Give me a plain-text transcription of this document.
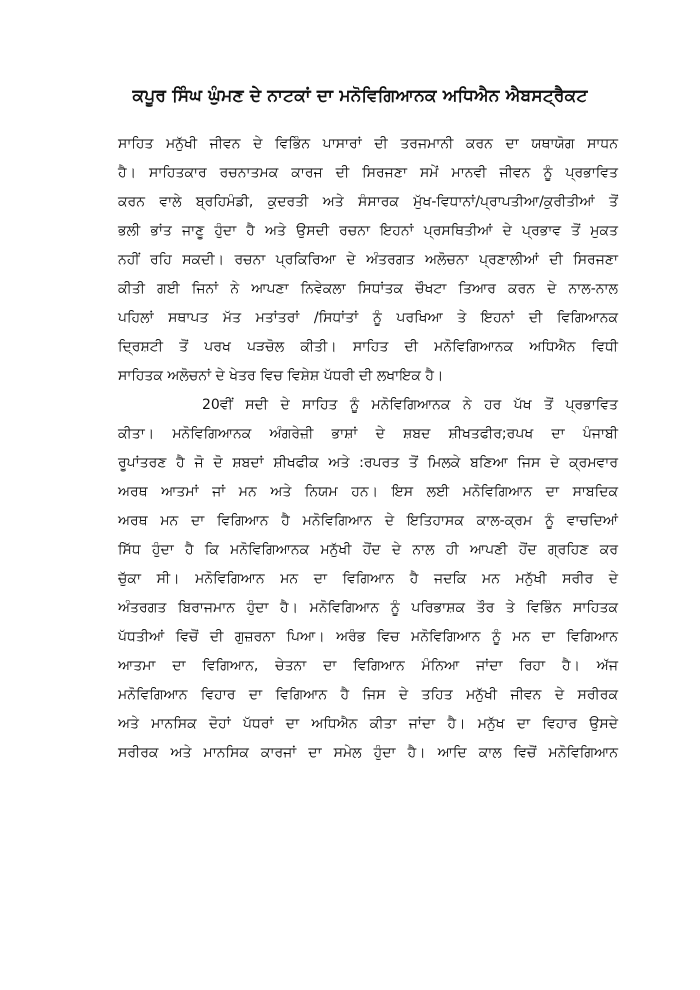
ਕਪੂਰ ਸਿੰਘ ਘੁੰਮਣ ਦੇ ਨਾਟਕਾਂ ਦਾ ਮਨੋਵਿਗਿਆਨਕ ਅਧਿਐਨ ਐਬਸਟ੍ਰੈਕਟ
ਸਾਹਿਤ ਮਨੁੱਖੀ ਜੀਵਨ ਦੇ ਵਿਭਿੰਨ ਪਾਸਾਰਾਂ ਦੀ ਤਰਜਮਾਨੀ ਕਰਨ ਦਾ ਯਥਾਯੋਗ ਸਾਧਨ
ਹੈ। ਸਾਹਿਤਕਾਰ ਰਚਨਾਤਮਕ ਕਾਰਜ ਦੀ ਸਿਰਜਣਾ ਸਮੇਂ ਮਾਨਵੀ ਜੀਵਨ ਨੂੰ ਪ੍ਰਭਾਵਿਤ
ਕਰਨ ਵਾਲੇ ਬ੍ਰਹਿਮੰਡੀ, ਕੁਦਰਤੀ ਅਤੇ ਸੰਸਾਰਕ ਮੁੱਖ-ਵਿਧਾਨਾਂ/ਪ੍ਰਾਪਤੀਆ/ਕੁਰੀਤੀਆਂ ਤੋਂ
ਭਲੀ ਭਾਂਤ ਜਾਣੂ ਹੁੰਦਾ ਹੈ ਅਤੇ ਉਸਦੀ ਰਚਨਾ ਇਹਨਾਂ ਪ੍ਰਸਥਿਤੀਆਂ ਦੇ ਪ੍ਰਭਾਵ ਤੋਂ ਮੁਕਤ
ਨਹੀਂ ਰਹਿ ਸਕਦੀ। ਰਚਨਾ ਪ੍ਰਕਿਰਿਆ ਦੇ ਅੰਤਰਗਤ ਅਲੋਚਨਾ ਪ੍ਰਣਾਲੀਆਂ ਦੀ ਸਿਰਜਣਾ
ਕੀਤੀ ਗਈ ਜਿਨਾਂ ਨੇ ਆਪਣਾ ਨਿਵੇਕਲਾ ਸਿਧਾਂਤਕ ਚੌਖਟਾ ਤਿਆਰ ਕਰਨ ਦੇ ਨਾਲ-ਨਾਲ
ਪਹਿਲਾਂ ਸਥਾਪਤ ਮੱਤ ਮਤਾਂਤਰਾਂ /ਸਿਧਾਂਤਾਂ ਨੂੰ ਪਰਖਿਆ ਤੇ ਇਹਨਾਂ ਦੀ ਵਿਗਿਆਨਕ
ਦ੍ਰਿਸ਼ਟੀ ਤੋਂ ਪਰਖ ਪੜਚੋਲ ਕੀਤੀ। ਸਾਹਿਤ ਦੀ ਮਨੋਵਿਗਿਆਨਕ ਅਧਿਐਨ ਵਿਧੀ
ਸਾਹਿਤਕ ਅਲੋਚਨਾਂ ਦੇ ਖੇਤਰ ਵਿਚ ਵਿਸ਼ੇਸ਼ ਪੱਧਰੀ ਦੀ ਲਖਾਇਕ ਹੈ।
20ਵੀਂ ਸਦੀ ਦੇ ਸਾਹਿਤ ਨੂੰ ਮਨੋਵਿਗਿਆਨਕ ਨੇ ਹਰ ਪੱਖ ਤੋਂ ਪ੍ਰਭਾਵਿਤ
ਕੀਤਾ। ਮਨੋਵਿਗਿਆਨਕ ਅੰਗਰੇਜ਼ੀ ਭਾਸ਼ਾਂ ਦੇ ਸ਼ਬਦ ਸ਼ੀਖਤਫੀਰ;ਰਪਖ ਦਾ ਪੰਜਾਬੀ
ਰੂਪਾਂਤਰਣ ਹੈ ਜੋ ਦੋ ਸ਼ਬਦਾਂ ਸ਼ੀਖਫੀਕ ਅਤੇ :ਰਪਰਤ ਤੋਂ ਮਿਲਕੇ ਬਣਿਆ ਜਿਸ ਦੇ ਕ੍ਰਮਵਾਰ
ਅਰਥ ਆਤਮਾਂ ਜਾਂ ਮਨ ਅਤੇ ਨਿਯਮ ਹਨ। ਇਸ ਲਈ ਮਨੋਵਿਗਿਆਨ ਦਾ ਸਾਬਦਿਕ
ਅਰਥ ਮਨ ਦਾ ਵਿਗਿਆਨ ਹੈ ਮਨੋਵਿਗਿਆਨ ਦੇ ਇਤਿਹਾਸਕ ਕਾਲ-ਕ੍ਰਮ ਨੂੰ ਵਾਚਦਿਆਂ
ਸਿੱਧ ਹੁੰਦਾ ਹੈ ਕਿ ਮਨੋਵਿਗਿਆਨਕ ਮਨੁੱਖੀ ਹੋਂਦ ਦੇ ਨਾਲ ਹੀ ਆਪਣੀ ਹੋਂਦ ਗ੍ਰਹਿਣ ਕਰ
ਚੁੱਕਾ ਸੀ। ਮਨੋਵਿਗਿਆਨ ਮਨ ਦਾ ਵਿਗਿਆਨ ਹੈ ਜਦਕਿ ਮਨ ਮਨੁੱਖੀ ਸਰੀਰ ਦੇ
ਅੰਤਰਗਤ ਬਿਰਾਜਮਾਨ ਹੁੰਦਾ ਹੈ। ਮਨੋਵਿਗਿਆਨ ਨੂੰ ਪਰਿਭਾਸ਼ਕ ਤੌਰ ਤੇ ਵਿਭਿੰਨ ਸਾਹਿਤਕ
ਪੱਧਤੀਆਂ ਵਿਚੋਂ ਦੀ ਗੁਜ਼ਰਨਾ ਪਿਆ। ਅਰੰਭ ਵਿਚ ਮਨੋਵਿਗਿਆਨ ਨੂੰ ਮਨ ਦਾ ਵਿਗਿਆਨ
ਆਤਮਾ ਦਾ ਵਿਗਿਆਨ, ਚੇਤਨਾ ਦਾ ਵਿਗਿਆਨ ਮੰਨਿਆ ਜਾਂਦਾ ਰਿਹਾ ਹੈ। ਅੱਜ
ਮਨੋਵਿਗਿਆਨ ਵਿਹਾਰ ਦਾ ਵਿਗਿਆਨ ਹੈ ਜਿਸ ਦੇ ਤਹਿਤ ਮਨੁੱਖੀ ਜੀਵਨ ਦੇ ਸਰੀਰਕ
ਅਤੇ ਮਾਨਸਿਕ ਦੋਹਾਂ ਪੱਧਰਾਂ ਦਾ ਅਧਿਐਨ ਕੀਤਾ ਜਾਂਦਾ ਹੈ। ਮਨੁੱਖ ਦਾ ਵਿਹਾਰ ਉਸਦੇ
ਸਰੀਰਕ ਅਤੇ ਮਾਨਸਿਕ ਕਾਰਜਾਂ ਦਾ ਸਮੇਲ ਹੁੰਦਾ ਹੈ। ਆਦਿ ਕਾਲ ਵਿਚੋਂ ਮਨੋਵਿਗਿਆਨ
